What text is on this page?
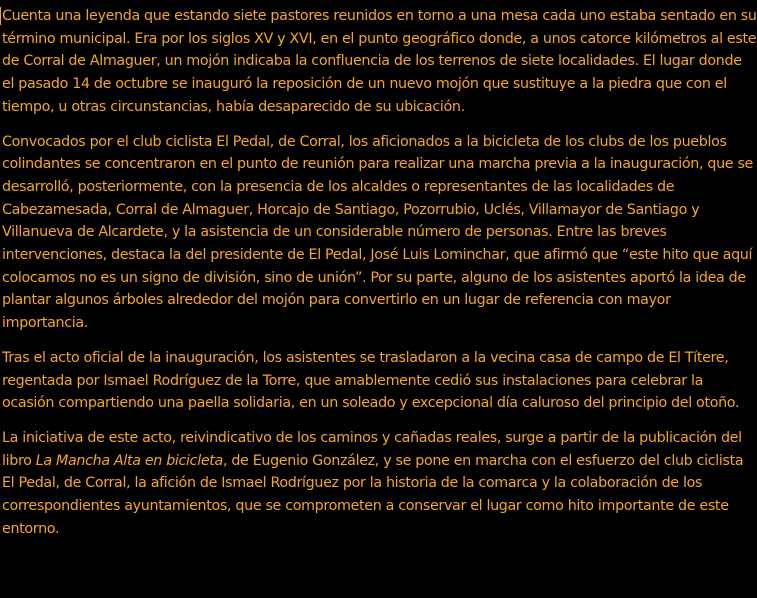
Cuenta una leyenda que estando siete pastores reunidos en torno a una mesa cada uno estaba sentado en su término municipal. Era por los siglos XV y XVI, en el punto geográfico donde, a unos catorce kilómetros al este de Corral de Almaguer, un mojón indicaba la confluencia de los terrenos de siete localidades. El lugar donde el pasado 14 de octubre se inauguró la reposición de un nuevo mojón que sustituye a la piedra que con el tiempo, u otras circunstancias, había desaparecido de su ubicación.

Convocados por el club ciclista El Pedal, de Corral, los aficionados a la bicicleta de los clubs de los pueblos colindantes se concentraron en el punto de reunión para realizar una marcha previa a la inauguración, que se desarrolló, posteriormente, con la presencia de los alcaldes o representantes de las localidades de Cabezamesada, Corral de Almaguer, Horcajo de Santiago, Pozorrubio, Uclés, Villamayor de Santiago y Villanueva de Alcardete, y la asistencia de un considerable número de personas. Entre las breves intervenciones, destaca la del presidente de El Pedal, José Luis Lominchar, que afirmó que “este hito que aquí colocamos no es un signo de división, sino de unión”. Por su parte, alguno de los asistentes aportó la idea de plantar algunos árboles alrededor del mojón para convertirlo en un lugar de referencia con mayor importancia.

Tras el acto oficial de la inauguración, los asistentes se trasladaron a la vecina casa de campo de El Títere, regentada por Ismael Rodríguez de la Torre, que amablemente cedió sus instalaciones para celebrar la ocasión compartiendo una paella solidaria, en un soleado y excepcional día caluroso del principio del otoño.

La iniciativa de este acto, reivindicativo de los caminos y cañadas reales, surge a partir de la publicación del libro La Mancha Alta en bicicleta, de Eugenio González, y se pone en marcha con el esfuerzo del club ciclista El Pedal, de Corral, la afición de Ismael Rodríguez por la historia de la comarca y la colaboración de los correspondientes ayuntamientos, que se comprometen a conservar el lugar como hito importante de este entorno.
